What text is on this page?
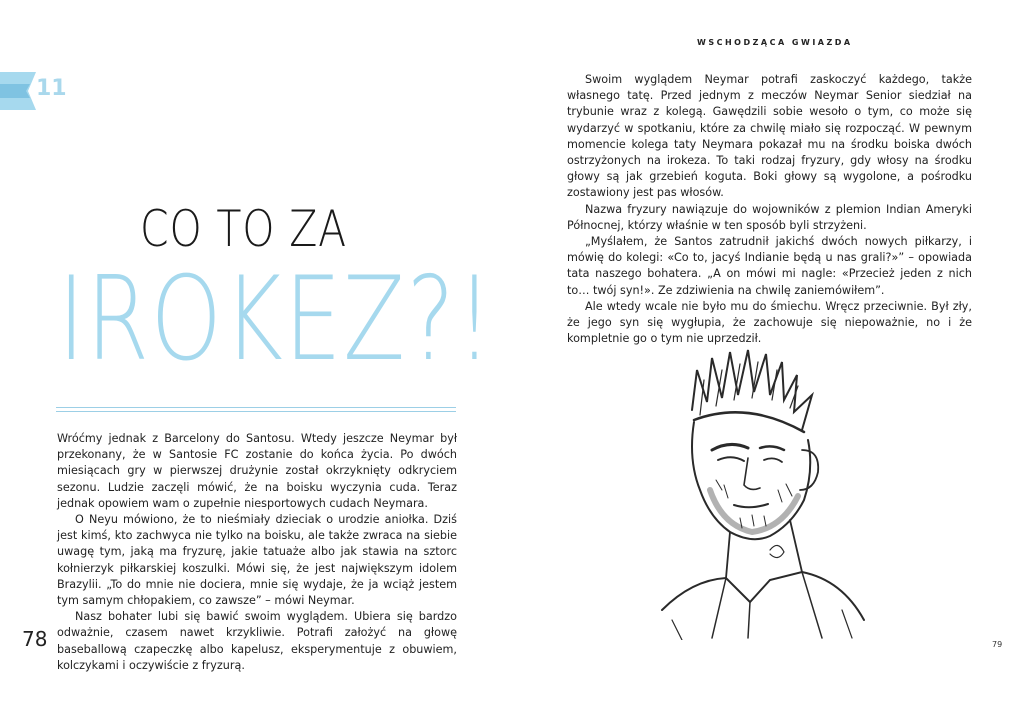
11
CO TO ZA
IROKEZ?!

Wróćmy jednak z Barcelony do Santosu. Wtedy jeszcze Neymar był przekonany, że w Santosie FC zostanie do końca życia. Po dwóch miesiącach gry w pierwszej drużynie został okrzyknięty odkryciem sezonu. Ludzie zaczęli mówić, że na boisku wyczynia cuda. Teraz jednak opowiem wam o zupełnie niesportowych cudach Neymara.

O Neyu mówiono, że to nieśmiały dzieciak o urodzie aniołka. Dziś jest kimś, kto zachwyca nie tylko na boisku, ale także zwraca na siebie uwagę tym, jaką ma fryzurę, jakie tatuaże albo jak stawia na sztorc kołnierzyk piłkarskiej koszulki. Mówi się, że jest największym idolem Brazylii. „To do mnie nie dociera, mnie się wydaje, że ja wciąż jestem tym samym chłopakiem, co zawsze” – mówi Neymar.

Nasz bohater lubi się bawić swoim wyglądem. Ubiera się bardzo odważnie, czasem nawet krzykliwie. Potrafi założyć na głowę baseballową czapeczkę albo kapelusz, eksperymentuje z obuwiem, kolczykami i oczywiście z fryzurą.

78
WSCHODZĄCA GWIAZDA

Swoim wyglądem Neymar potrafi zaskoczyć każdego, także własnego tatę. Przed jednym z meczów Neymar Senior siedział na trybunie wraz z kolegą. Gawędzili sobie wesoło o tym, co może się wydarzyć w spotkaniu, które za chwilę miało się rozpocząć. W pewnym momencie kolega taty Neymara pokazał mu na środku boiska dwóch ostrzyżonych na irokeza. To taki rodzaj fryzury, gdy włosy na środku głowy są jak grzebień koguta. Boki głowy są wygolone, a pośrodku zostawiony jest pas włosów.

Nazwa fryzury nawiązuje do wojowników z plemion Indian Ameryki Północnej, którzy właśnie w ten sposób byli strzyżeni.

„Myślałem, że Santos zatrudnił jakichś dwóch nowych piłkarzy, i mówię do kolegi: «Co to, jacyś Indianie będą u nas grali?»” – opowiada tata naszego bohatera. „A on mówi mi nagle: «Przecież jeden z nich to… twój syn!». Ze zdziwienia na chwilę zaniemówiłem”.

Ale wtedy wcale nie było mu do śmiechu. Wręcz przeciwnie. Był zły, że jego syn się wygłupia, że zachowuje się niepoważnie, no i że kompletnie go o tym nie uprzedził.

79
